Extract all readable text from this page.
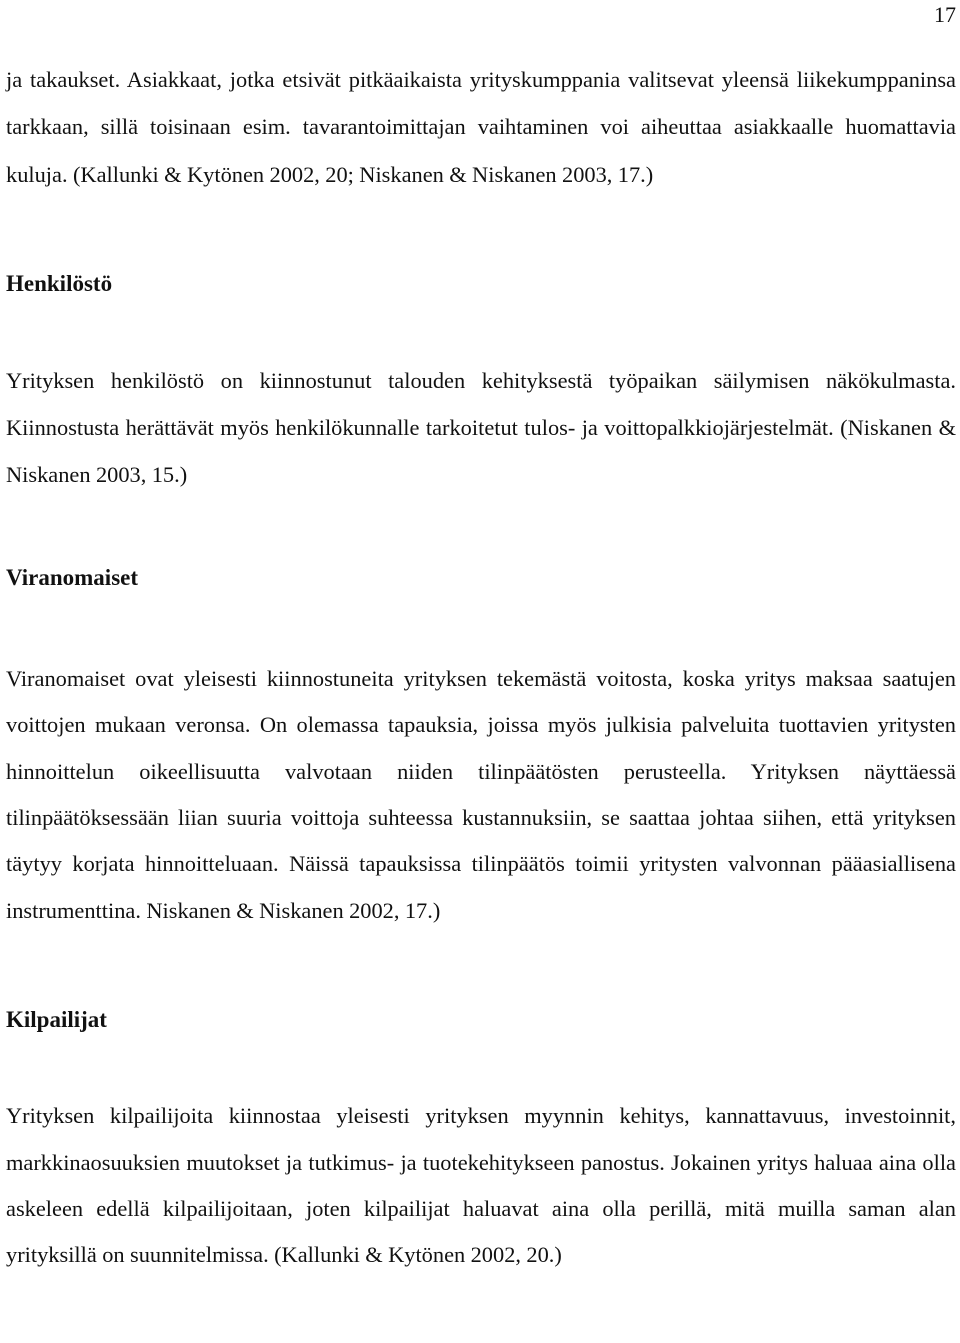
17

ja takaukset. Asiakkaat, jotka etsivät pitkäaikaista yrityskumppania valitsevat yleensä liikekumppaninsa tarkkaan, sillä toisinaan esim. tavarantoimittajan vaihtaminen voi aiheuttaa asiakkaalle huomattavia kuluja. (Kallunki & Kytönen 2002, 20; Niskanen & Niskanen 2003, 17.)

Henkilöstö

Yrityksen henkilöstö on kiinnostunut talouden kehityksestä työpaikan säilymisen näkökulmasta. Kiinnostusta herättävät myös henkilökunnalle tarkoitetut tulos- ja voittopalkkiojärjestelmät. (Niskanen & Niskanen 2003, 15.)

Viranomaiset

Viranomaiset ovat yleisesti kiinnostuneita yrityksen tekemästä voitosta, koska yritys maksaa saatujen voittojen mukaan veronsa. On olemassa tapauksia, joissa myös julkisia palveluita tuottavien yritysten hinnoittelun oikeellisuutta valvotaan niiden tilinpäätösten perusteella. Yrityksen näyttäessä tilinpäätöksessään liian suuria voittoja suhteessa kustannuksiin, se saattaa johtaa siihen, että yrityksen täytyy korjata hinnoitteluaan. Näissä tapauksissa tilinpäätös toimii yritysten valvonnan pääasiallisena instrumenttina. Niskanen & Niskanen 2002, 17.)

Kilpailijat

Yrityksen kilpailijoita kiinnostaa yleisesti yrityksen myynnin kehitys, kannattavuus, investoinnit, markkinaosuuksien muutokset ja tutkimus- ja tuotekehitykseen panostus. Jokainen yritys haluaa aina olla askeleen edellä kilpailijoitaan, joten kilpailijat haluavat aina olla perillä, mitä muilla saman alan yrityksillä on suunnitelmissa. (Kallunki & Kytönen 2002, 20.)
